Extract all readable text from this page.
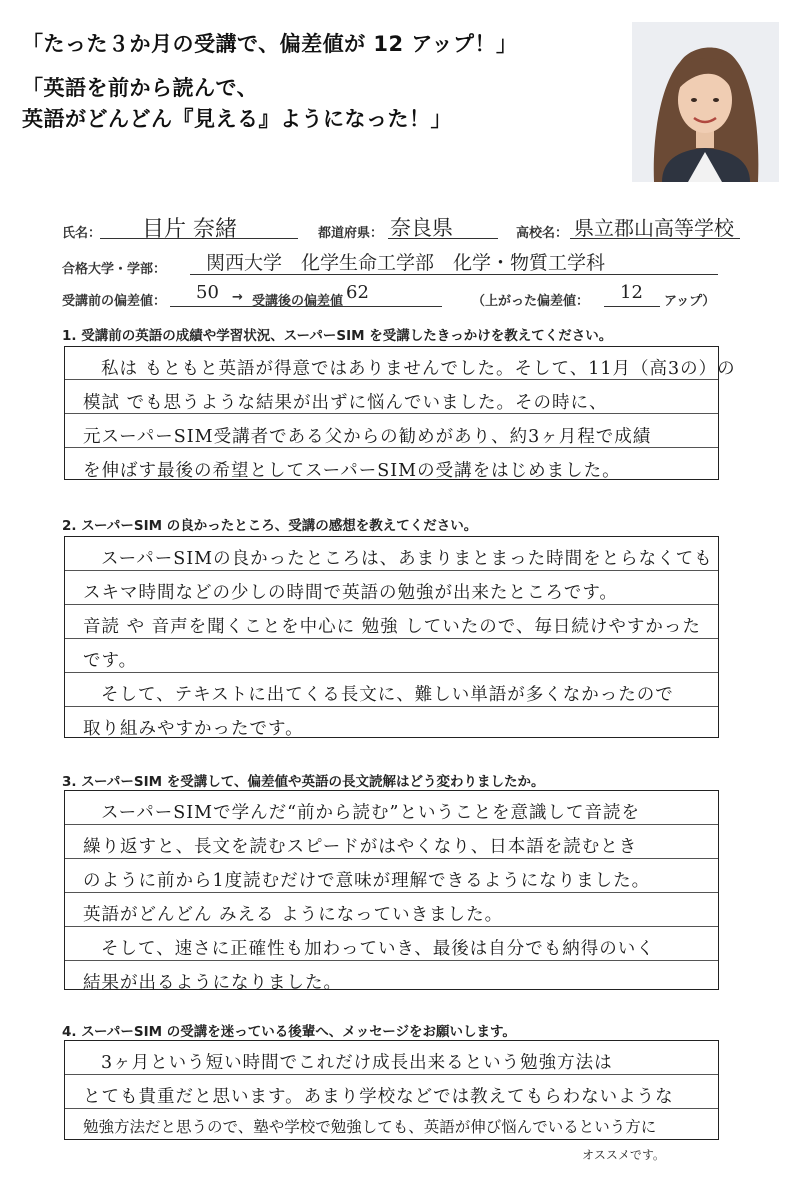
「たった３か月の受講で、偏差値が 12 アップ！」
「英語を前から読んで、
英語がどんどん『見える』ようになった！」
氏名： 目片 奈緒	都道府県： 奈良県	高校名： 県立郡山高等学校
合格大学・学部： 関西大学　化学生命工学部　化学・物質工学科
受講前の偏差値： 50 → 受講後の偏差値 62	（上がった偏差値： 12 アップ）
1. 受講前の英語の成績や学習状況、スーパーSIM を受講したきっかけを教えてください。
私は もともと英語が得意ではありませんでした。そして、11月（高3の）の
模試 でも思うような結果が出ずに悩んでいました。その時に、
元スーパーSIM受講者である父からの勧めがあり、約3ヶ月程で成績
を伸ばす最後の希望としてスーパーSIMの受講をはじめました。
2. スーパーSIM の良かったところ、受講の感想を教えてください。
スーパーSIMの良かったところは、あまりまとまった時間をとらなくても
スキマ時間などの少しの時間で英語の勉強が出来たところです。
音読 や 音声を聞くことを中心に 勉強 していたので、毎日続けやすかった
です。
そして、テキストに出てくる長文に、難しい単語が多くなかったので
取り組みやすかったです。
3. スーパーSIM を受講して、偏差値や英語の長文読解はどう変わりましたか。
スーパーSIMで学んだ“前から読む”ということを意識して音読を
繰り返すと、長文を読むスピードがはやくなり、日本語を読むとき
のように前から1度読むだけで意味が理解できるようになりました。
英語がどんどん みえる ようになっていきました。
そして、速さに正確性も加わっていき、最後は自分でも納得のいく
結果が出るようになりました。
4. スーパーSIM の受講を迷っている後輩へ、メッセージをお願いします。
3ヶ月という短い時間でこれだけ成長出来るという勉強方法は
とても貴重だと思います。あまり学校などでは教えてもらわないような
勉強方法だと思うので、塾や学校で勉強しても、英語が伸び悩んでいるという方に
オススメです。
